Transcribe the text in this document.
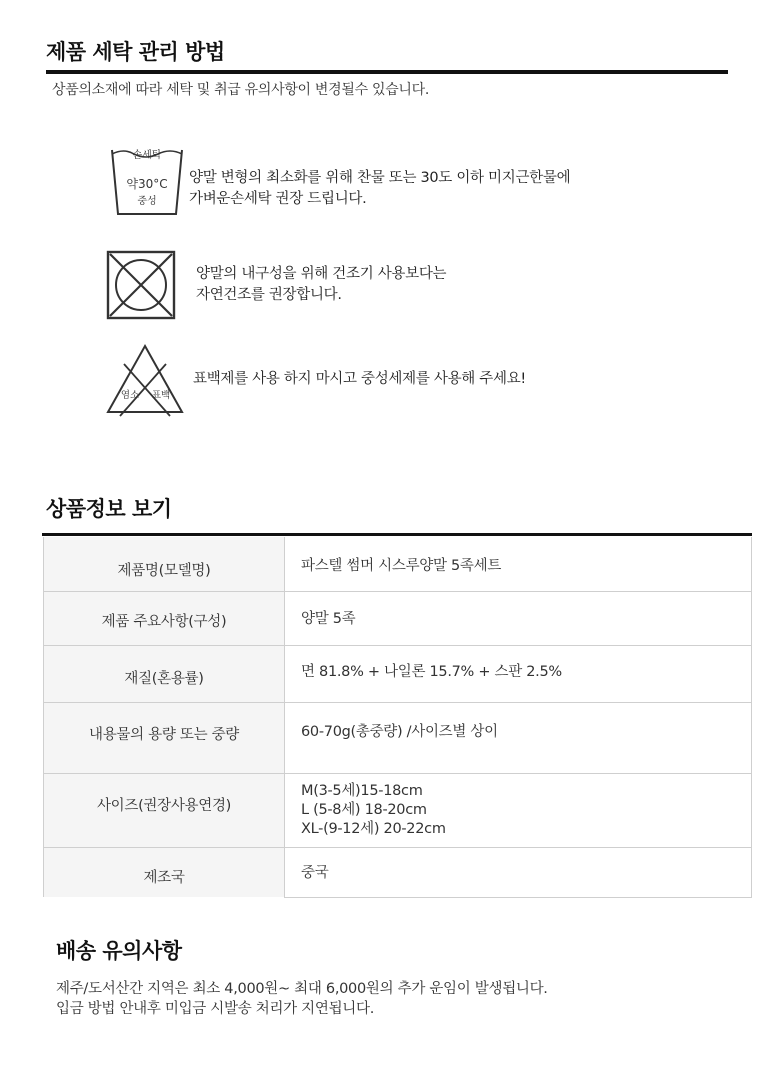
제품 세탁 관리 방법
상품의소재에 따라 세탁 및 취급 유의사항이 변경될수 있습니다.
손세탁
약30°C
중성
양말 변형의 최소화를 위해 찬물 또는 30도 이하 미지근한물에
가벼운손세탁 권장 드립니다.
양말의 내구성을 위해 건조기 사용보다는
자연건조를 권장합니다.
염소 표백
표백제를 사용 하지 마시고 중성세제를 사용해 주세요!
상품정보 보기
제품명(모델명)	파스텔 썸머 시스루양말 5족세트

제품 주요사항(구성)	양말 5족

재질(혼용률)	면 81.8% + 나일론 15.7% + 스판 2.5%

내용물의 용량 또는 중량	60-70g(총중량) /사이즈별 상이

사이즈(권장사용연경)	M(3-5세)15-18cm
L (5-8세) 18-20cm
XL-(9-12세) 20-22cm

제조국	중국
배송 유의사항
제주/도서산간 지역은 최소 4,000원~ 최대 6,000원의 추가 운임이 발생됩니다.
입금 방법 안내후 미입금 시발송 처리가 지연됩니다.
